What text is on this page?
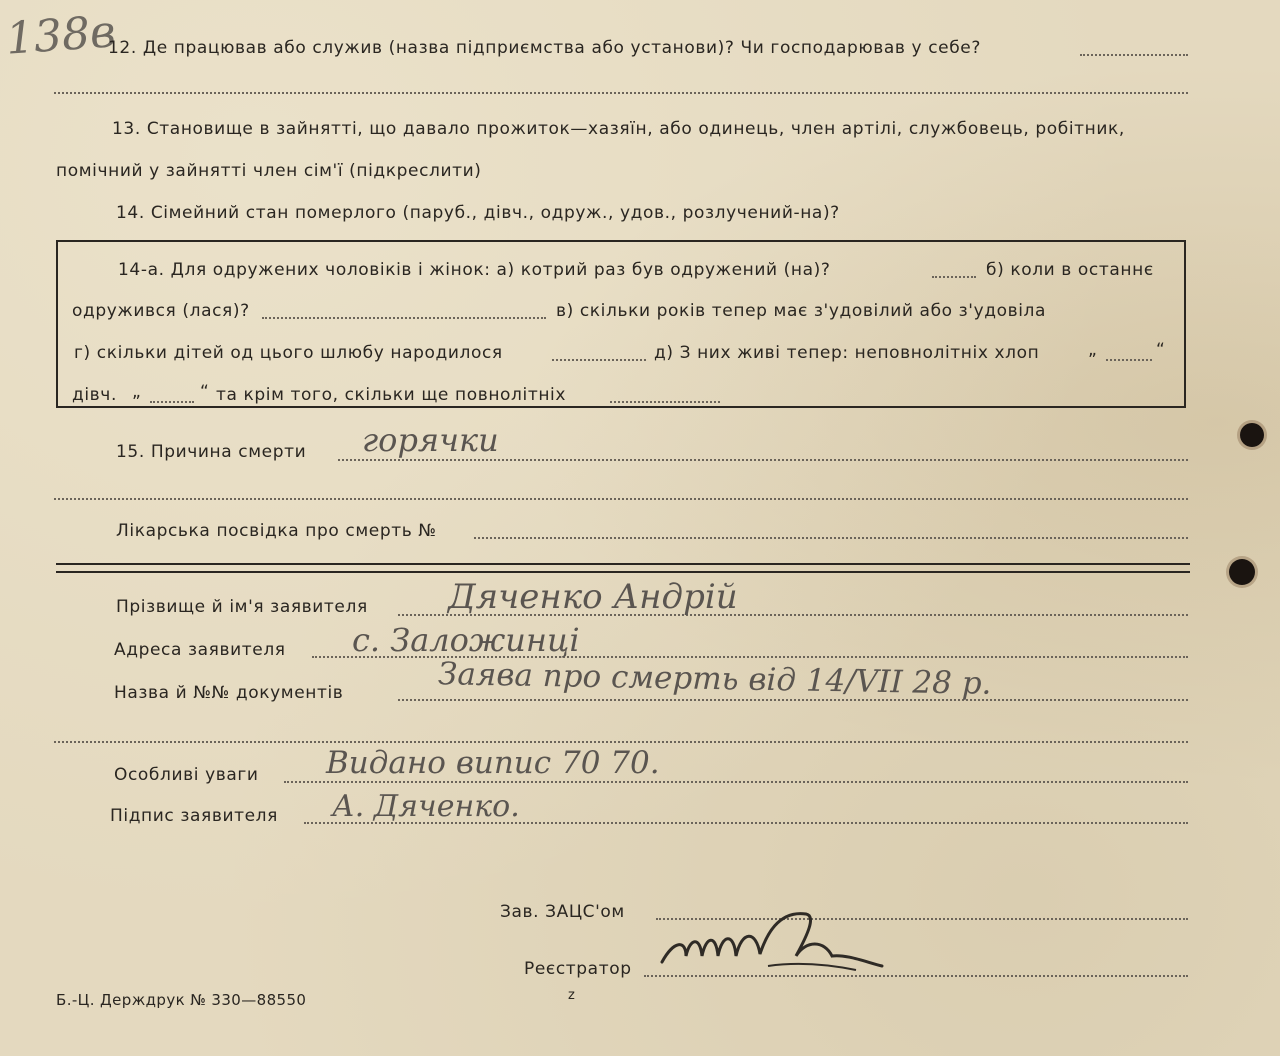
138в
12. Де працював або служив (назва підприємства або установи)? Чи господарював у себе?
13. Становище в зайнятті, що давало прожиток—хазяїн, або одинець, член артілі, службовець, робітник,
помічний у зайнятті член сім'ї (підкреслити)
14. Сімейний стан померлого (паруб., дівч., одруж., удов., розлучений-на)?
14-а. Для одружених чоловіків і жінок: а) котрий раз був одружений (на)?	б) коли в останнє
одружився (лася)?	в) скільки років тепер має з'удовілий або з'удовіла
г) скільки дітей од цього шлюбу народилося	д) З них живі тепер: неповнолітніх хлоп	„	“
дівч. „	“ та крім того, скільки ще повнолітніх
15. Причина смерти горячки
Лікарська посвідка про смерть №
Прізвище й ім'я заявителя Дяченко Андрій
Адреса заявителя с. Заложинці
Назва й №№ документів	Заява про смерть від 14/VII 28 р.
Особливі уваги Видано випис 70 70.
Підпис заявителя А. Дяченко.
Зав. ЗАЦС'ом
Реєстратор
z
Б.-Ц. Держдрук № 330—88550
